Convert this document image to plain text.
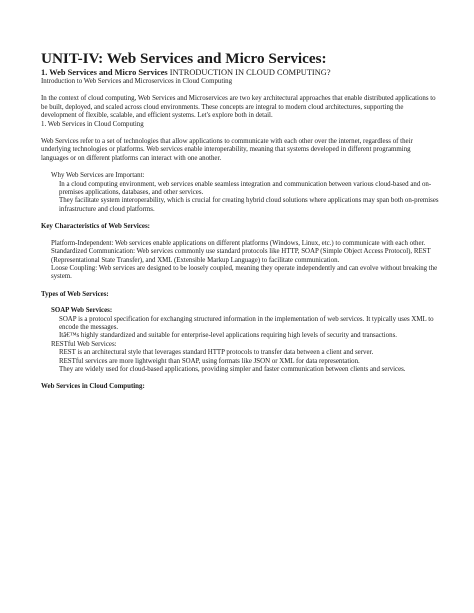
UNIT-IV: Web Services and Micro Services:

1. Web Services and Micro Services INTRODUCTION IN CLOUD COMPUTING?

Introduction to Web Services and Microservices in Cloud Computing

In the context of cloud computing, Web Services and Microservices are two key architectural approaches that enable distributed applications to be built, deployed, and scaled across cloud environments. These concepts are integral to modern cloud architectures, supporting the development of flexible, scalable, and efficient systems. Let's explore both in detail.

1. Web Services in Cloud Computing

Web Services refer to a set of technologies that allow applications to communicate with each other over the internet, regardless of their underlying technologies or platforms. Web services enable interoperability, meaning that systems developed in different programming languages or on different platforms can interact with one another.

Why Web Services are Important:

In a cloud computing environment, web services enable seamless integration and communication between various cloud-based and on-premises applications, databases, and other services.

They facilitate system interoperability, which is crucial for creating hybrid cloud solutions where applications may span both on-premises infrastructure and cloud platforms.

Key Characteristics of Web Services:

Platform-Independent: Web services enable applications on different platforms (Windows, Linux, etc.) to communicate with each other.

Standardized Communication: Web services commonly use standard protocols like HTTP, SOAP (Simple Object Access Protocol), REST (Representational State Transfer), and XML (Extensible Markup Language) to facilitate communication.

Loose Coupling: Web services are designed to be loosely coupled, meaning they operate independently and can evolve without breaking the system.

Types of Web Services:

SOAP Web Services:

SOAP is a protocol specification for exchanging structured information in the implementation of web services. It typically uses XML to encode the messages.

Itâ€™s highly standardized and suitable for enterprise-level applications requiring high levels of security and transactions.

RESTful Web Services:

REST is an architectural style that leverages standard HTTP protocols to transfer data between a client and server.

RESTful services are more lightweight than SOAP, using formats like JSON or XML for data representation.

They are widely used for cloud-based applications, providing simpler and faster communication between clients and services.

Web Services in Cloud Computing:
